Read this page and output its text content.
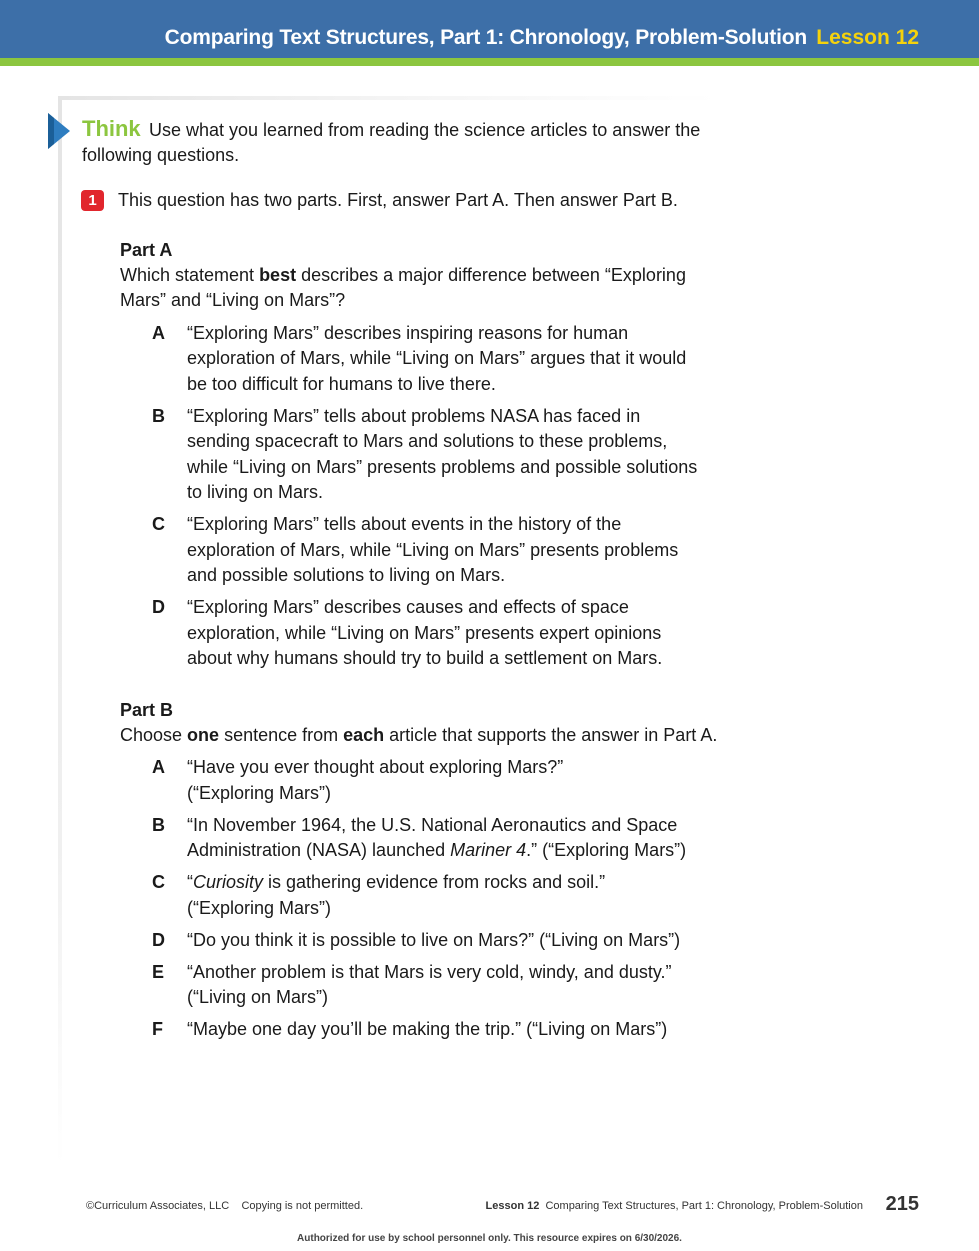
Comparing Text Structures, Part 1: Chronology, Problem-Solution Lesson 12
Think Use what you learned from reading the science articles to answer the
following questions.
1	This question has two parts. First, answer Part A. Then answer Part B.
Part A
Which statement best describes a major difference between “Exploring
Mars” and “Living on Mars”?
A “Exploring Mars” describes inspiring reasons for human
exploration of Mars, while “Living on Mars” argues that it would
be too difficult for humans to live there.
B “Exploring Mars” tells about problems NASA has faced in
sending spacecraft to Mars and solutions to these problems,
while “Living on Mars” presents problems and possible solutions
to living on Mars.
C “Exploring Mars” tells about events in the history of the
exploration of Mars, while “Living on Mars” presents problems
and possible solutions to living on Mars.
D “Exploring Mars” describes causes and effects of space
exploration, while “Living on Mars” presents expert opinions
about why humans should try to build a settlement on Mars.
Part B
Choose one sentence from each article that supports the answer in Part A.
A “Have you ever thought about exploring Mars?”
(“Exploring Mars”)
B “In November 1964, the U.S. National Aeronautics and Space
Administration (NASA) launched Mariner 4.” (“Exploring Mars”)
C “Curiosity is gathering evidence from rocks and soil.”
(“Exploring Mars”)
D “Do you think it is possible to live on Mars?” (“Living on Mars”)
E “Another problem is that Mars is very cold, windy, and dusty.”
(“Living on Mars”)
F “Maybe one day you’ll be making the trip.” (“Living on Mars”)
©Curriculum Associates, LLC Copying is not permitted.	Lesson 12 Comparing Text Structures, Part 1: Chronology, Problem-Solution 215
Authorized for use by school personnel only. This resource expires on 6/30/2026.
